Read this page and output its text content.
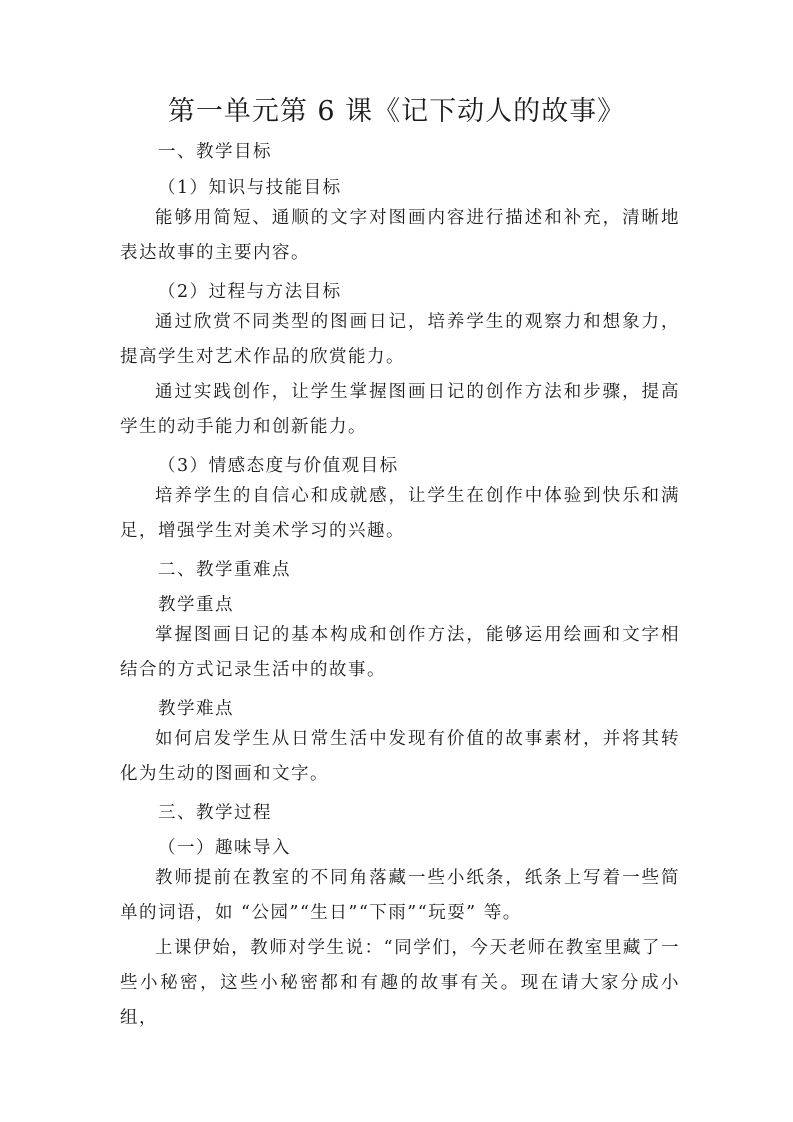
第一单元第 6 课《记下动人的故事》

一、教学目标

（1）知识与技能目标

能够用简短、通顺的文字对图画内容进行描述和补充，清晰地表达故事的主要内容。

（2）过程与方法目标

通过欣赏不同类型的图画日记，培养学生的观察力和想象力，提高学生对艺术作品的欣赏能力。

通过实践创作，让学生掌握图画日记的创作方法和步骤，提高学生的动手能力和创新能力。

（3）情感态度与价值观目标

培养学生的自信心和成就感，让学生在创作中体验到快乐和满足，增强学生对美术学习的兴趣。

二、教学重难点

教学重点

掌握图画日记的基本构成和创作方法，能够运用绘画和文字相结合的方式记录生活中的故事。

教学难点

如何启发学生从日常生活中发现有价值的故事素材，并将其转化为生动的图画和文字。

三、教学过程

（一）趣味导入

教师提前在教室的不同角落藏一些小纸条，纸条上写着一些简单的词语，如 “公园”“生日”“下雨”“玩耍” 等。

上课伊始，教师对学生说：“同学们，今天老师在教室里藏了一些小秘密，这些小秘密都和有趣的故事有关。现在请大家分成小组，
